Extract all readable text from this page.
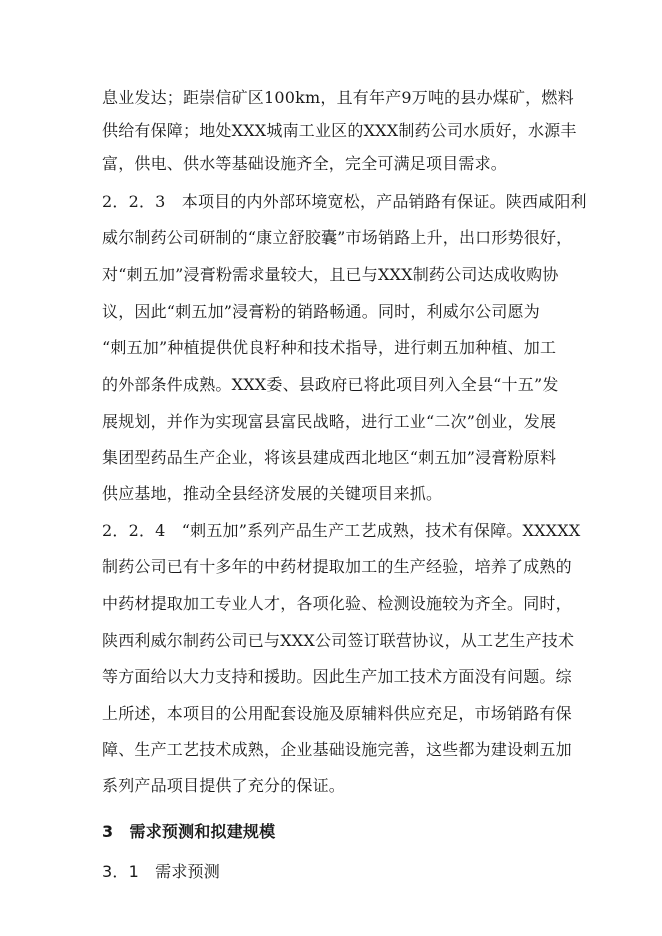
息业发达；距崇信矿区100km，且有年产9万吨的县办煤矿，燃料
供给有保障；地处XXX城南工业区的XXX制药公司水质好，水源丰
富，供电、供水等基础设施齐全，完全可满足项目需求。
2．2．3　本项目的内外部环境宽松，产品销路有保证。陕西咸阳利
威尔制药公司研制的“康立舒胶囊”市场销路上升，出口形势很好，
对“刺五加”浸膏粉需求量较大，且已与XXX制药公司达成收购协
议，因此“刺五加”浸膏粉的销路畅通。同时，利威尔公司愿为
“刺五加”种植提供优良籽种和技术指导，进行刺五加种植、加工
的外部条件成熟。XXX委、县政府已将此项目列入全县“十五”发
展规划，并作为实现富县富民战略，进行工业“二次”创业，发展
集团型药品生产企业，将该县建成西北地区“刺五加”浸膏粉原料
供应基地，推动全县经济发展的关键项目来抓。
2．2．4　“刺五加”系列产品生产工艺成熟，技术有保障。XXXXX
制药公司已有十多年的中药材提取加工的生产经验，培养了成熟的
中药材提取加工专业人才，各项化验、检测设施较为齐全。同时，
陕西利威尔制药公司已与XXX公司签订联营协议，从工艺生产技术
等方面给以大力支持和援助。因此生产加工技术方面没有问题。综
上所述，本项目的公用配套设施及原辅料供应充足，市场销路有保
障、生产工艺技术成熟，企业基础设施完善，这些都为建设刺五加
系列产品项目提供了充分的保证。
3　需求预测和拟建规模
3．1　需求预测
